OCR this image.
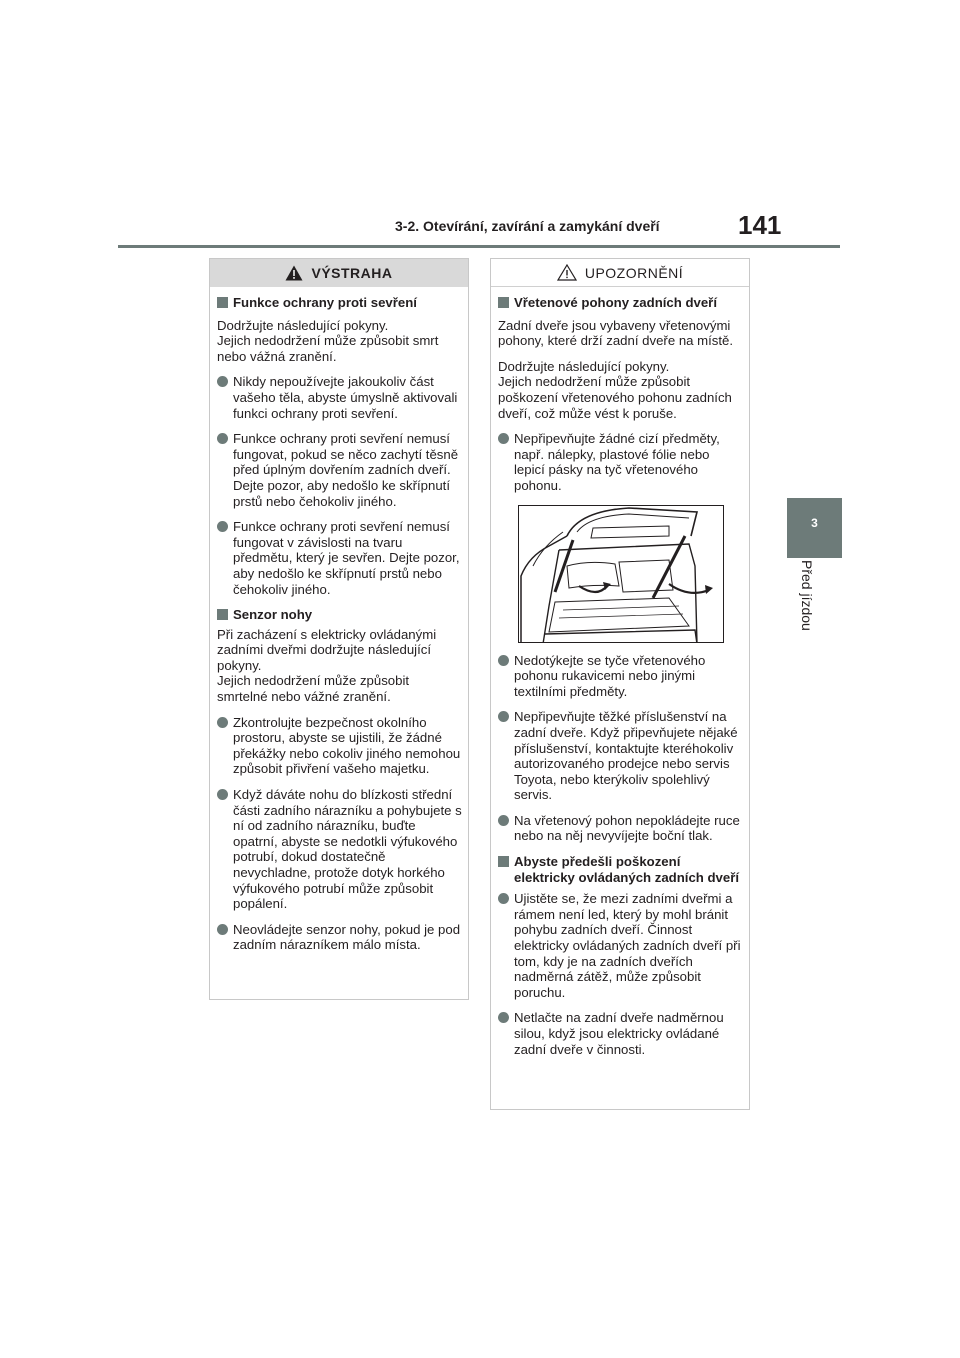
3-2. Otevírání, zavírání a zamykání dveří	141
3
Před jízdou
VÝSTRAHA
Funkce ochrany proti sevření
Dodržujte následující pokyny.
Jejich nedodržení může způsobit smrt nebo vážná zranění.
Nikdy nepoužívejte jakoukoliv část vašeho těla, abyste úmyslně aktivovali funkci ochrany proti sevření.
Funkce ochrany proti sevření nemusí fungovat, pokud se něco zachytí těsně před úplným dovřením zadních dveří. Dejte pozor, aby nedošlo ke skřípnutí prstů nebo čehokoliv jiného.
Funkce ochrany proti sevření nemusí fungovat v závislosti na tvaru předmětu, který je sevřen. Dejte pozor, aby nedošlo ke skřípnutí prstů nebo čehokoliv jiného.
Senzor nohy
Při zacházení s elektricky ovládanými zadními dveřmi dodržujte následující pokyny.
Jejich nedodržení může způsobit smrtelné nebo vážné zranění.
Zkontrolujte bezpečnost okolního prostoru, abyste se ujistili, že žádné překážky nebo cokoliv jiného nemohou způsobit přivření vašeho majetku.
Když dáváte nohu do blízkosti střední části zadního nárazníku a pohybujete s ní od zadního nárazníku, buďte opatrní, abyste se nedotkli výfukového potrubí, dokud dostatečně nevychladne, protože dotyk horkého výfukového potrubí může způsobit popálení.
Neovládejte senzor nohy, pokud je pod zadním nárazníkem málo místa.
UPOZORNĚNÍ
Vřetenové pohony zadních dveří
Zadní dveře jsou vybaveny vřetenovými pohony, které drží zadní dveře na místě.
Dodržujte následující pokyny.
Jejich nedodržení může způsobit poškození vřetenového pohonu zadních dveří, což může vést k poruše.
Nepřipevňujte žádné cizí předměty, např. nálepky, plastové fólie nebo lepicí pásky na tyč vřetenového pohonu.
Nedotýkejte se tyče vřetenového pohonu rukavicemi nebo jinými textilními předměty.
Nepřipevňujte těžké příslušenství na zadní dveře. Když připevňujete nějaké příslušenství, kontaktujte kteréhokoliv autorizovaného prodejce nebo servis Toyota, nebo kterýkoliv spolehlivý servis.
Na vřetenový pohon nepokládejte ruce nebo na něj nevyvíjejte boční tlak.
Abyste předešli poškození elektricky ovládaných zadních dveří
Ujistěte se, že mezi zadními dveřmi a rámem není led, který by mohl bránit pohybu zadních dveří. Činnost elektricky ovládaných zadních dveří při tom, kdy je na zadních dveřích nadměrná zátěž, může způsobit poruchu.
Netlačte na zadní dveře nadměrnou silou, když jsou elektricky ovládané zadní dveře v činnosti.
